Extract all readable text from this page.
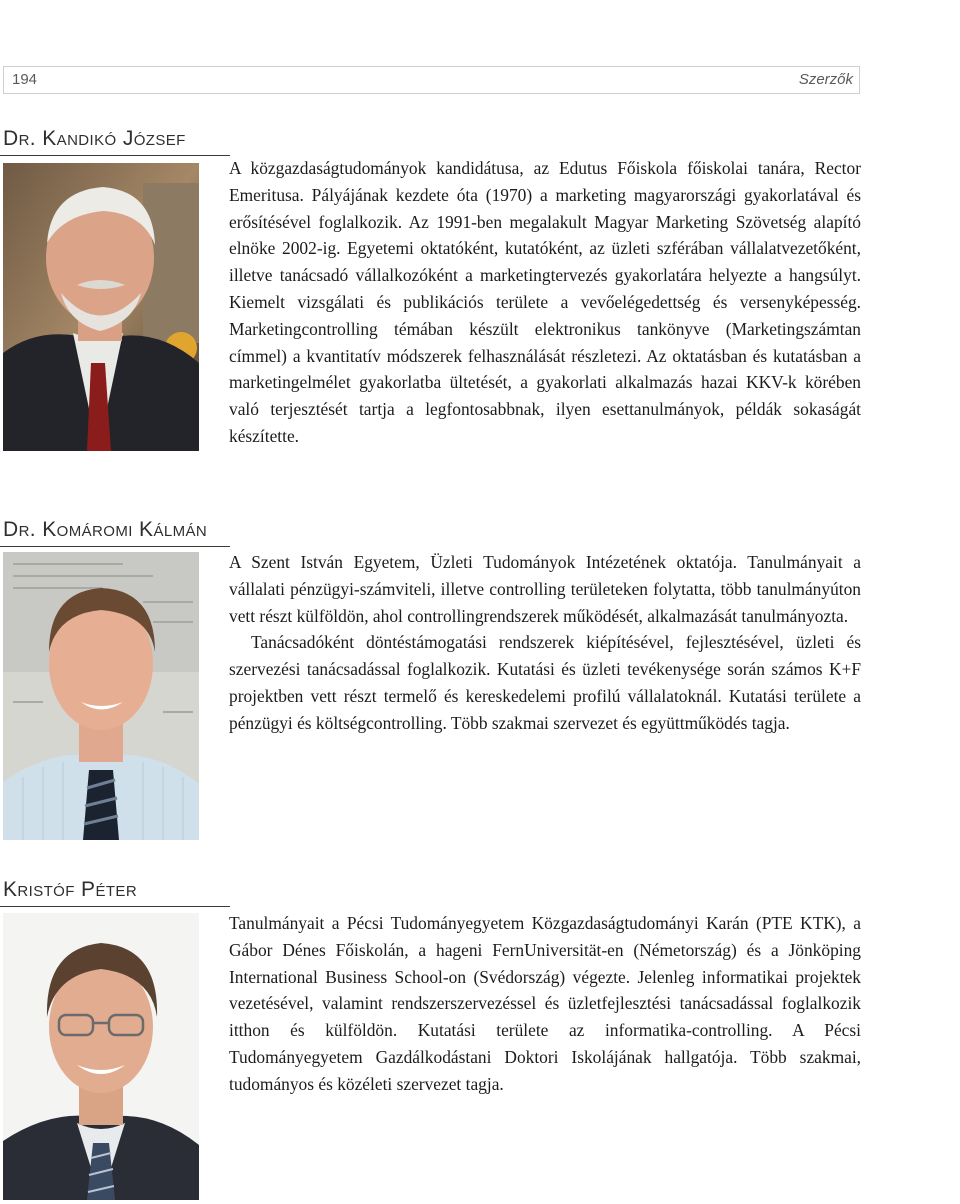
194	Szerzők
Dr. Kandikó József

A közgazdaságtudományok kandidátusa, az Edutus Főiskola főiskolai tanára, Rector Emeritusa. Pályájának kezdete óta (1970) a marketing magyarországi gyakorlatával és erősítésével foglalkozik. Az 1991-ben megalakult Magyar Marketing Szövetség alapító elnöke 2002-ig. Egyetemi oktatóként, kutatóként, az üzleti szférában vállalatvezetőként, illetve tanácsadó vállalkozóként a marketingtervezés gyakorlatára helyezte a hangsúlyt. Kiemelt vizsgálati és publikációs területe a vevőelégedettség és versenyképesség. Marketingcontrolling témában készült elektronikus tankönyve (Marketingszámtan címmel) a kvantitatív módszerek felhasználását részletezi. Az oktatásban és kutatásban a marketingelmélet gyakorlatba ültetését, a gyakorlati alkalmazás hazai KKV-k körében való terjesztését tartja a legfontosabbnak, ilyen esettanulmányok, példák sokaságát készítette.

Dr. Komáromi Kálmán

A Szent István Egyetem, Üzleti Tudományok Intézetének oktatója. Tanulmányait a vállalati pénzügyi-számviteli, illetve controlling területeken folytatta, több tanulmányúton vett részt külföldön, ahol controllingrendszerek működését, alkalmazását tanulmányozta.

Tanácsadóként döntéstámogatási rendszerek kiépítésével, fejlesztésével, üzleti és szervezési tanácsadással foglalkozik. Kutatási és üzleti tevékenysége során számos K+F projektben vett részt termelő és kereskedelemi profilú vállalatoknál. Kutatási területe a pénzügyi és költségcontrolling. Több szakmai szervezet és együttműködés tagja.

Kristóf Péter

Tanulmányait a Pécsi Tudományegyetem Közgazdaságtudományi Karán (PTE KTK), a Gábor Dénes Főiskolán, a hageni FernUniversität-en (Németország) és a Jönköping International Business School-on (Svédország) végezte. Jelenleg informatikai projektek vezetésével, valamint rendszerszervezéssel és üzletfejlesztési tanácsadással foglalkozik itthon és külföldön. Kutatási területe az informatika-controlling. A Pécsi Tudományegyetem Gazdálkodástani Doktori Iskolájának hallgatója. Több szakmai, tudományos és közéleti szervezet tagja.
